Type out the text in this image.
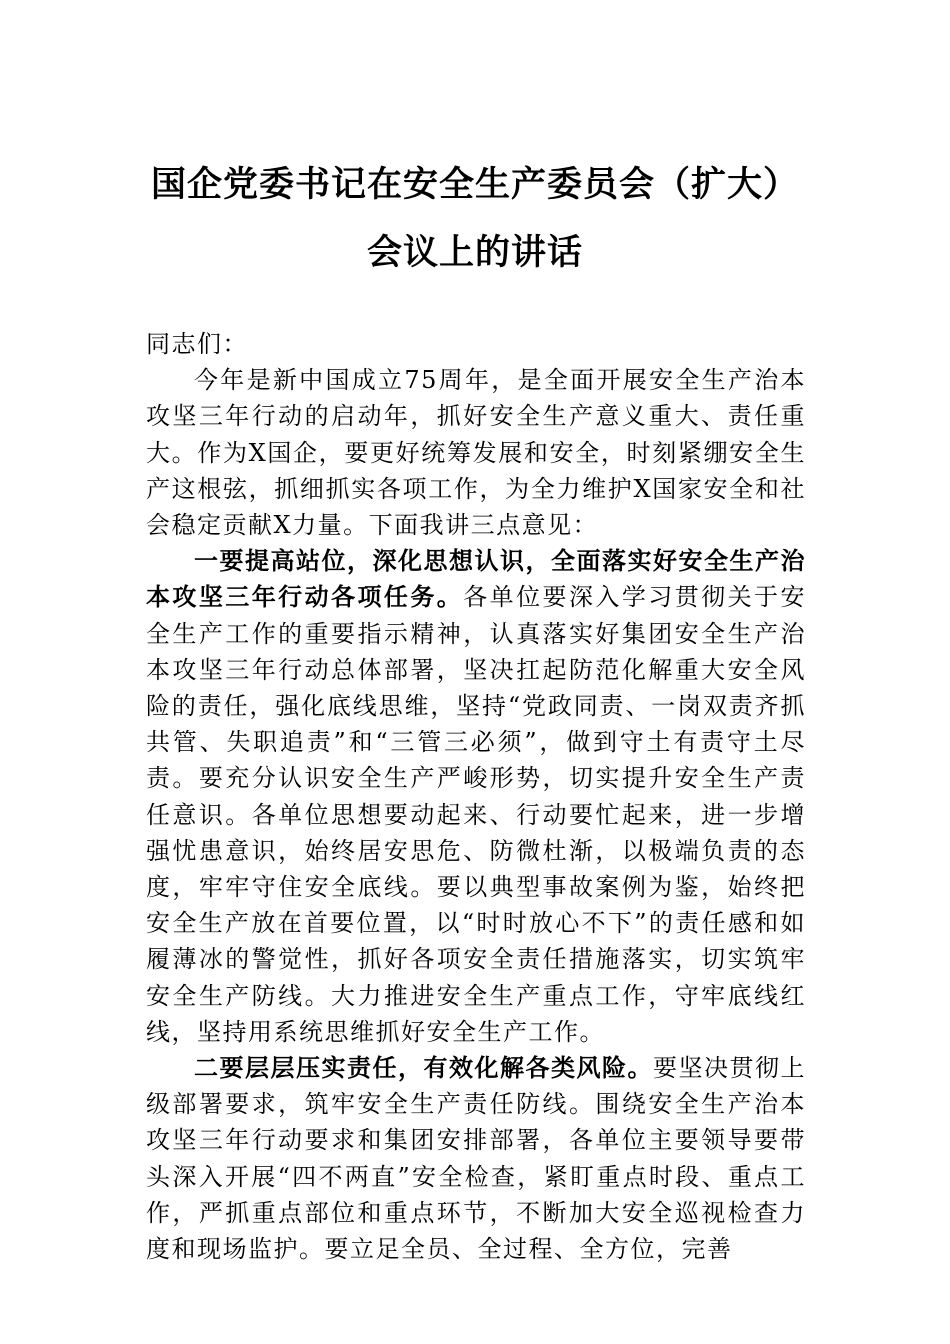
国企党委书记在安全生产委员会（扩大）
会议上的讲话

同志们：

今年是新中国成立75周年，是全面开展安全生产治本攻坚三年行动的启动年，抓好安全生产意义重大、责任重大。作为X国企，要更好统筹发展和安全，时刻紧绷安全生产这根弦，抓细抓实各项工作，为全力维护X国家安全和社会稳定贡献X力量。下面我讲三点意见：

一要提高站位，深化思想认识，全面落实好安全生产治本攻坚三年行动各项任务。各单位要深入学习贯彻关于安全生产工作的重要指示精神，认真落实好集团安全生产治本攻坚三年行动总体部署，坚决扛起防范化解重大安全风险的责任，强化底线思维，坚持“党政同责、一岗双责齐抓共管、失职追责”和“三管三必须”，做到守土有责守土尽责。要充分认识安全生产严峻形势，切实提升安全生产责任意识。各单位思想要动起来、行动要忙起来，进一步增强忧患意识，始终居安思危、防微杜渐，以极端负责的态度，牢牢守住安全底线。要以典型事故案例为鉴，始终把安全生产放在首要位置，以“时时放心不下”的责任感和如履薄冰的警觉性，抓好各项安全责任措施落实，切实筑牢安全生产防线。大力推进安全生产重点工作，守牢底线红线，坚持用系统思维抓好安全生产工作。

二要层层压实责任，有效化解各类风险。要坚决贯彻上级部署要求，筑牢安全生产责任防线。围绕安全生产治本攻坚三年行动要求和集团安排部署，各单位主要领导要带头深入开展“四不两直”安全检查，紧盯重点时段、重点工作，严抓重点部位和重点环节，不断加大安全巡视检查力度和现场监护。要立足全员、全过程、全方位，完善
